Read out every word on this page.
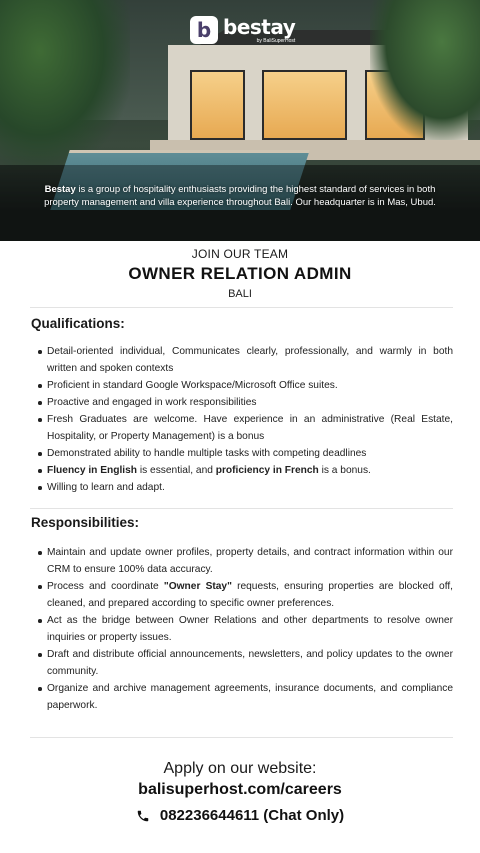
b bestay
by BaliSuperHost

Bestay is a group of hospitality enthusiasts providing the highest standard of services in both property management and villa experience throughout Bali. Our headquarter is in Mas, Ubud.

JOIN OUR TEAM
OWNER RELATION ADMIN
BALI
Qualifications:
Detail-oriented individual, Communicates clearly, professionally, and warmly in both written and spoken contexts
Proficient in standard Google Workspace/Microsoft Office suites.
Proactive and engaged in work responsibilities
Fresh Graduates are welcome. Have experience in an administrative (Real Estate, Hospitality, or Property Management) is a bonus
Demonstrated ability to handle multiple tasks with competing deadlines
Fluency in English is essential, and proficiency in French is a bonus.
Willing to learn and adapt.
Responsibilities:
Maintain and update owner profiles, property details, and contract information within our CRM to ensure 100% data accuracy.
Process and coordinate "Owner Stay" requests, ensuring properties are blocked off, cleaned, and prepared according to specific owner preferences.
Act as the bridge between Owner Relations and other departments to resolve owner inquiries or property issues.
Draft and distribute official announcements, newsletters, and policy updates to the owner community.
Organize and archive management agreements, insurance documents, and compliance paperwork.
Apply on our website:
balisuperhost.com/careers
082236644611 (Chat Only)
